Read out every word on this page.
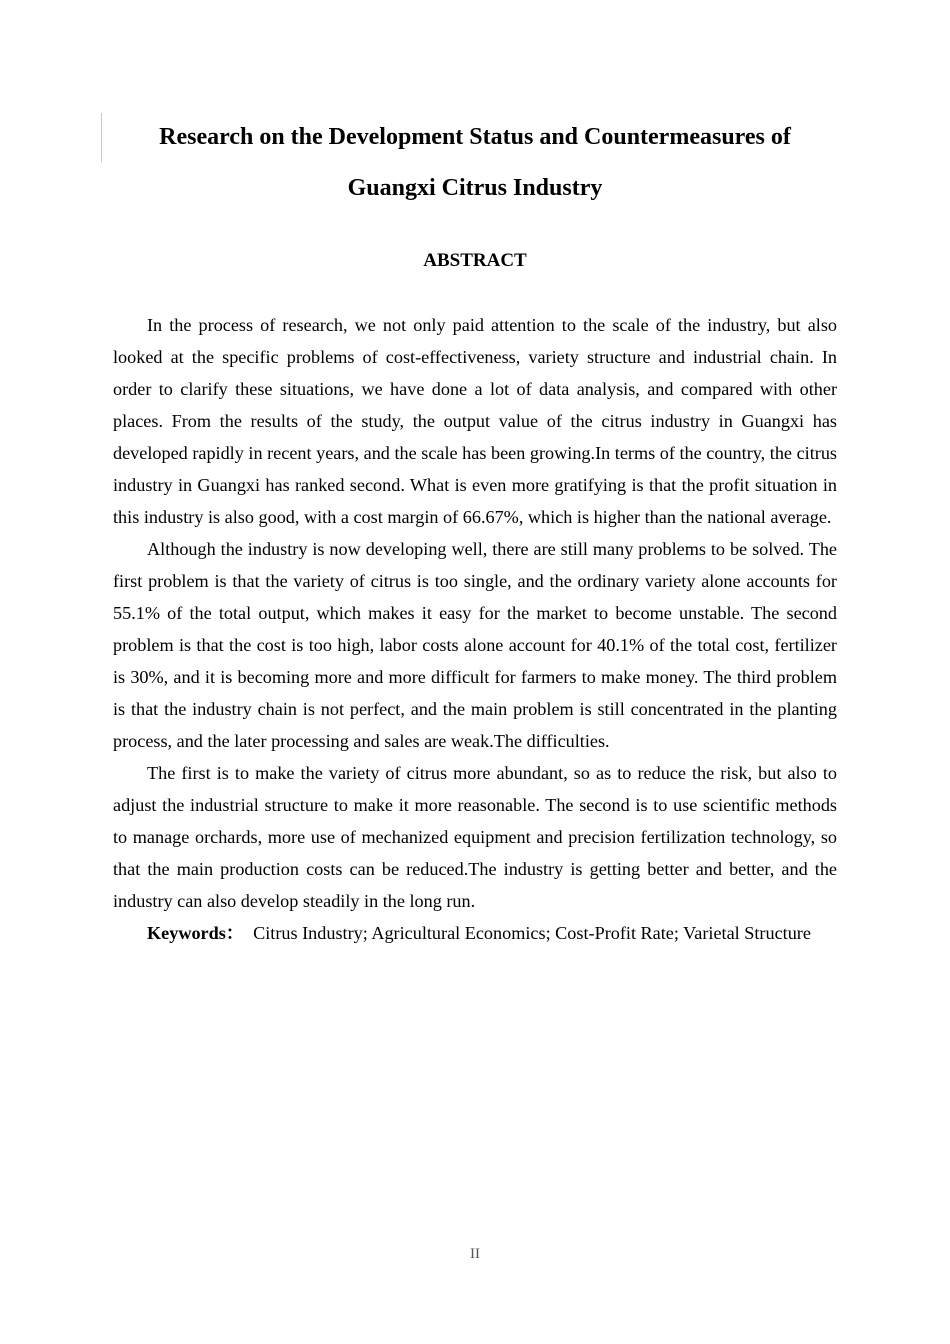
Research on the Development Status and Countermeasures of Guangxi Citrus Industry
ABSTRACT

In the process of research, we not only paid attention to the scale of the industry, but also looked at the specific problems of cost-effectiveness, variety structure and industrial chain. In order to clarify these situations, we have done a lot of data analysis, and compared with other places. From the results of the study, the output value of the citrus industry in Guangxi has developed rapidly in recent years, and the scale has been growing.In terms of the country, the citrus industry in Guangxi has ranked second. What is even more gratifying is that the profit situation in this industry is also good, with a cost margin of 66.67%, which is higher than the national average.

Although the industry is now developing well, there are still many problems to be solved. The first problem is that the variety of citrus is too single, and the ordinary variety alone accounts for 55.1% of the total output, which makes it easy for the market to become unstable. The second problem is that the cost is too high, labor costs alone account for 40.1% of the total cost, fertilizer is 30%, and it is becoming more and more difficult for farmers to make money. The third problem is that the industry chain is not perfect, and the main problem is still concentrated in the planting process, and the later processing and sales are weak.The difficulties.

The first is to make the variety of citrus more abundant, so as to reduce the risk, but also to adjust the industrial structure to make it more reasonable. The second is to use scientific methods to manage orchards, more use of mechanized equipment and precision fertilization technology, so that the main production costs can be reduced.The industry is getting better and better, and the industry can also develop steadily in the long run.

Keywords： Citrus Industry; Agricultural Economics; Cost-Profit Rate; Varietal Structure

II
